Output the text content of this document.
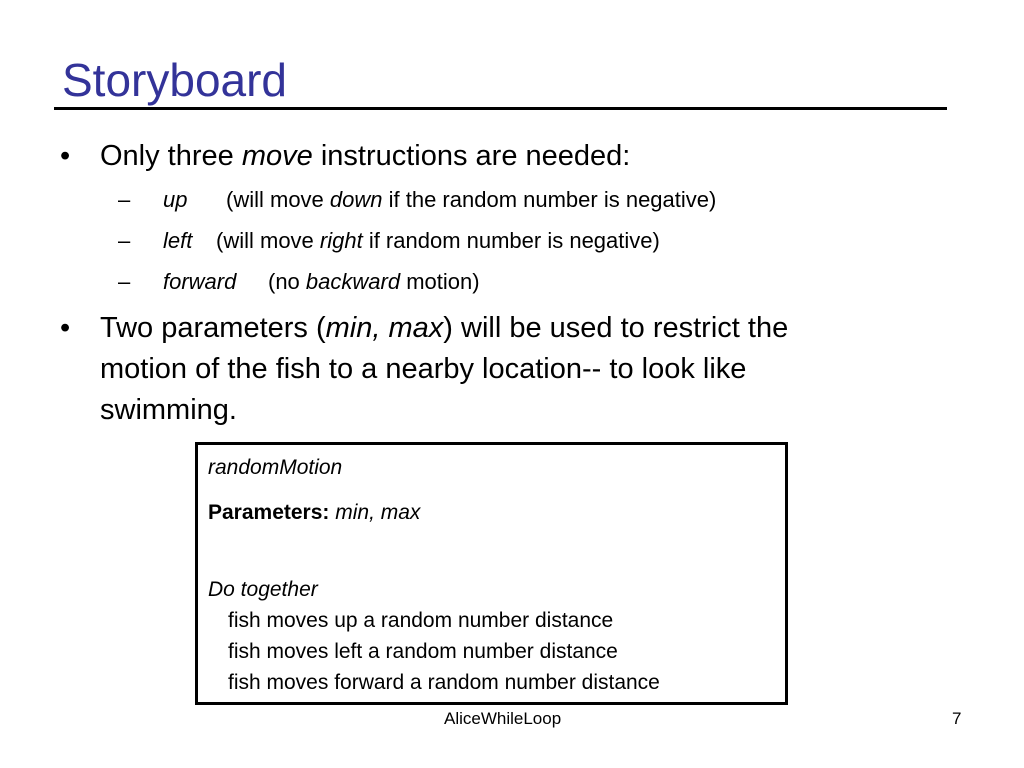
Storyboard
• Only three move instructions are needed:
– up (will move down if the random number is negative)
– left (will move right if random number is negative)
– forward (no backward motion)
• Two parameters (min, max) will be used to restrict the
motion of the fish to a nearby location-- to look like
swimming.
randomMotion
Parameters: min, max
Do together
fish moves up a random number distance
fish moves left a random number distance
fish moves forward a random number distance
AliceWhileLoop	7
